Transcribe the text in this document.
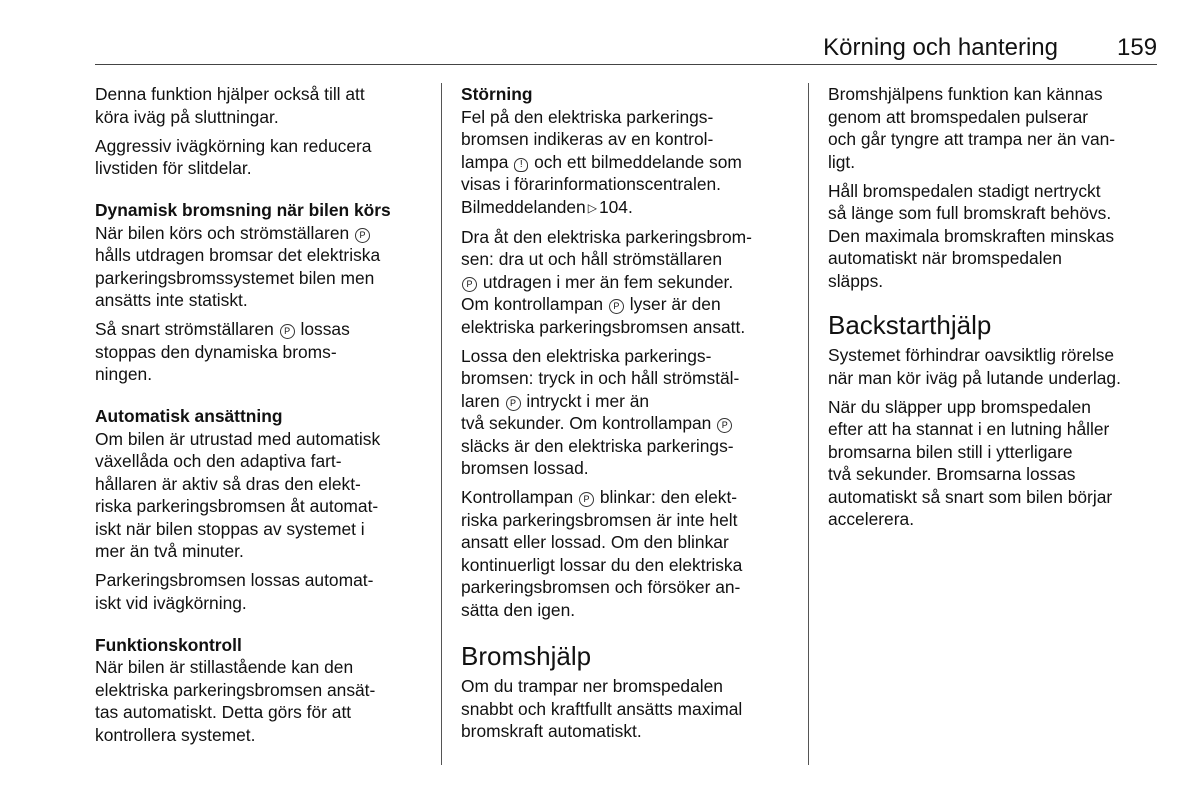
Körning och hantering 159
Denna funktion hjälper också till att
köra iväg på sluttningar.
Aggressiv ivägkörning kan reducera
livstiden för slitdelar.
Dynamisk bromsning när bilen körs
När bilen körs och strömställaren P
hålls utdragen bromsar det elektriska
parkeringsbromssystemet bilen men
ansätts inte statiskt.
Så snart strömställaren P lossas
stoppas den dynamiska broms-
ningen.
Automatisk ansättning
Om bilen är utrustad med automatisk
växellåda och den adaptiva fart-
hållaren är aktiv så dras den elekt-
riska parkeringsbromsen åt automat-
iskt när bilen stoppas av systemet i
mer än två minuter.
Parkeringsbromsen lossas automat-
iskt vid ivägkörning.
Funktionskontroll
När bilen är stillastående kan den
elektriska parkeringsbromsen ansät-
tas automatiskt. Detta görs för att
kontrollera systemet.
Störning
Fel på den elektriska parkerings-
bromsen indikeras av en kontrol-
lampa ! och ett bilmeddelande som
visas i förarinformationscentralen.
Bilmeddelanden ▷ 104.
Dra åt den elektriska parkeringsbrom-
sen: dra ut och håll strömställaren
P utdragen i mer än fem sekunder.
Om kontrollampan P lyser är den
elektriska parkeringsbromsen ansatt.
Lossa den elektriska parkerings-
bromsen: tryck in och håll strömstäl-
laren P intryckt i mer än
två sekunder. Om kontrollampan P
släcks är den elektriska parkerings-
bromsen lossad.
Kontrollampan P blinkar: den elekt-
riska parkeringsbromsen är inte helt
ansatt eller lossad. Om den blinkar
kontinuerligt lossar du den elektriska
parkeringsbromsen och försöker an-
sätta den igen.
Bromshjälp
Om du trampar ner bromspedalen
snabbt och kraftfullt ansätts maximal
bromskraft automatiskt.
Bromshjälpens funktion kan kännas
genom att bromspedalen pulserar
och går tyngre att trampa ner än van-
ligt.
Håll bromspedalen stadigt nertryckt
så länge som full bromskraft behövs.
Den maximala bromskraften minskas
automatiskt när bromspedalen
släpps.
Backstarthjälp
Systemet förhindrar oavsiktlig rörelse
när man kör iväg på lutande underlag.
När du släpper upp bromspedalen
efter att ha stannat i en lutning håller
bromsarna bilen still i ytterligare
två sekunder. Bromsarna lossas
automatiskt så snart som bilen börjar
accelerera.
